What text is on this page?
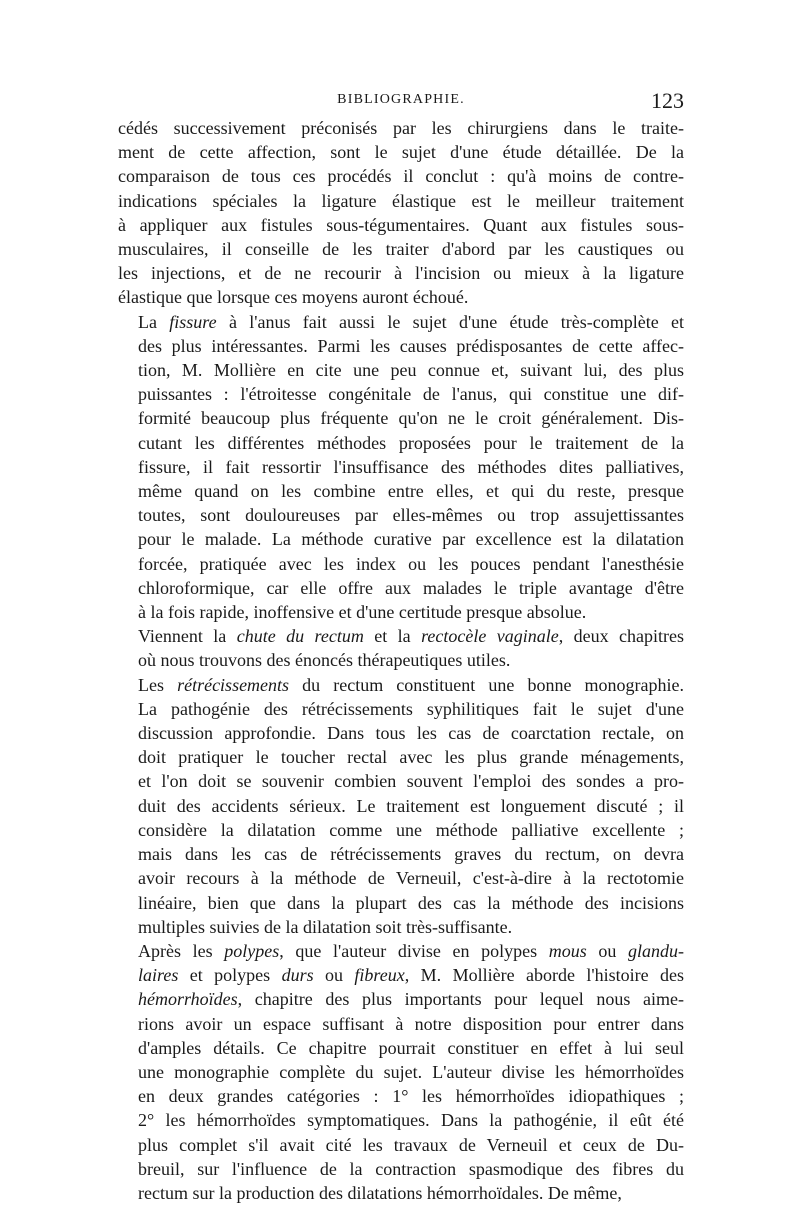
BIBLIOGRAPHIE.	123
cédés successivement préconisés par les chirurgiens dans le traite-
ment de cette affection, sont le sujet d'une étude détaillée. De la
comparaison de tous ces procédés il conclut : qu'à moins de contre-
indications spéciales la ligature élastique est le meilleur traitement
à appliquer aux fistules sous-tégumentaires. Quant aux fistules sous-
musculaires, il conseille de les traiter d'abord par les caustiques ou
les injections, et de ne recourir à l'incision ou mieux à la ligature
élastique que lorsque ces moyens auront échoué.
La fissure à l'anus fait aussi le sujet d'une étude très-complète et
des plus intéressantes. Parmi les causes prédisposantes de cette affec-
tion, M. Mollière en cite une peu connue et, suivant lui, des plus
puissantes : l'étroitesse congénitale de l'anus, qui constitue une dif-
formité beaucoup plus fréquente qu'on ne le croit généralement. Dis-
cutant les différentes méthodes proposées pour le traitement de la
fissure, il fait ressortir l'insuffisance des méthodes dites palliatives,
même quand on les combine entre elles, et qui du reste, presque
toutes, sont douloureuses par elles-mêmes ou trop assujettissantes
pour le malade. La méthode curative par excellence est la dilatation
forcée, pratiquée avec les index ou les pouces pendant l'anesthésie
chloroformique, car elle offre aux malades le triple avantage d'être
à la fois rapide, inoffensive et d'une certitude presque absolue.
Viennent la chute du rectum et la rectocèle vaginale, deux chapitres
où nous trouvons des énoncés thérapeutiques utiles.
Les rétrécissements du rectum constituent une bonne monographie.
La pathogénie des rétrécissements syphilitiques fait le sujet d'une
discussion approfondie. Dans tous les cas de coarctation rectale, on
doit pratiquer le toucher rectal avec les plus grande ménagements,
et l'on doit se souvenir combien souvent l'emploi des sondes a pro-
duit des accidents sérieux. Le traitement est longuement discuté ; il
considère la dilatation comme une méthode palliative excellente ;
mais dans les cas de rétrécissements graves du rectum, on devra
avoir recours à la méthode de Verneuil, c'est-à-dire à la rectotomie
linéaire, bien que dans la plupart des cas la méthode des incisions
multiples suivies de la dilatation soit très-suffisante.
Après les polypes, que l'auteur divise en polypes mous ou glandu-
laires et polypes durs ou fibreux, M. Mollière aborde l'histoire des
hémorrhoïdes, chapitre des plus importants pour lequel nous aime-
rions avoir un espace suffisant à notre disposition pour entrer dans
d'amples détails. Ce chapitre pourrait constituer en effet à lui seul
une monographie complète du sujet. L'auteur divise les hémorrhoïdes
en deux grandes catégories : 1° les hémorrhoïdes idiopathiques ;
2° les hémorrhoïdes symptomatiques. Dans la pathogénie, il eût été
plus complet s'il avait cité les travaux de Verneuil et ceux de Du-
breuil, sur l'influence de la contraction spasmodique des fibres du
rectum sur la production des dilatations hémorrhoïdales. De même,
